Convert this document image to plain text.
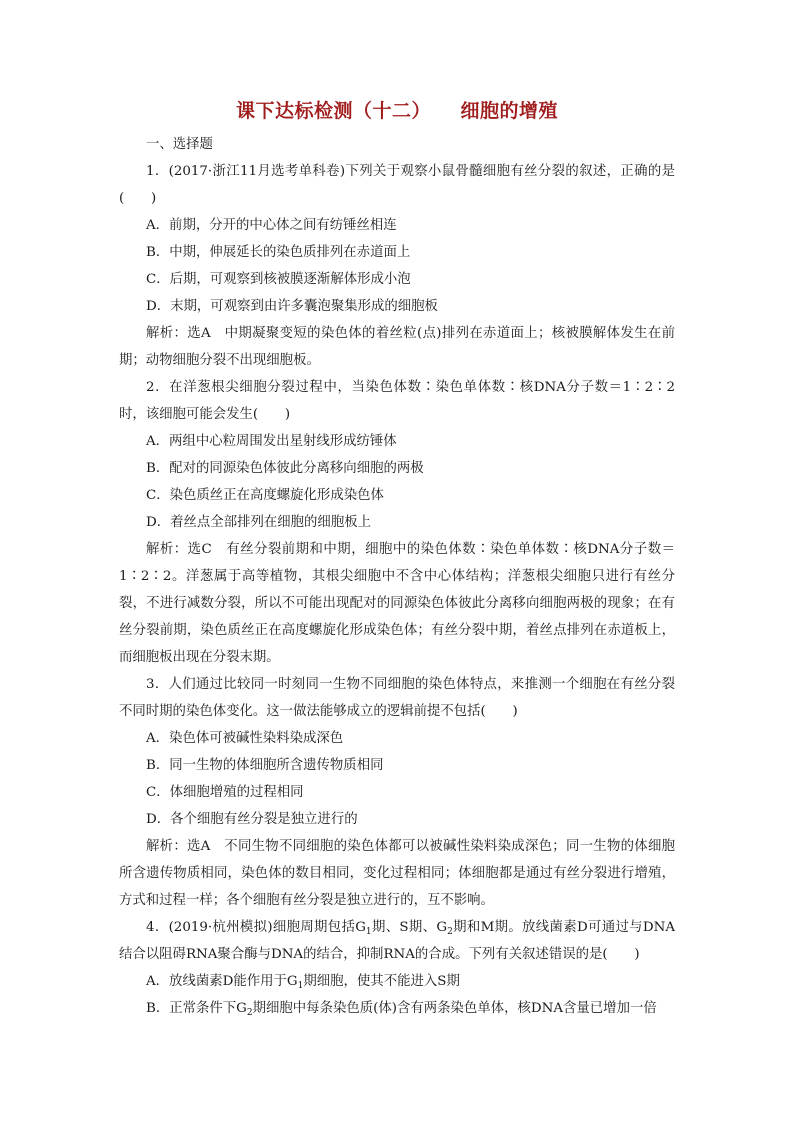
课下达标检测（十二）　　细胞的增殖

一、选择题

1．(2017·浙江11月选考单科卷)下列关于观察小鼠骨髓细胞有丝分裂的叙述，正确的是(　　)

A．前期，分开的中心体之间有纺锤丝相连

B．中期，伸展延长的染色质排列在赤道面上

C．后期，可观察到核被膜逐渐解体形成小泡

D．末期，可观察到由许多囊泡聚集形成的细胞板

解析：选A　中期凝聚变短的染色体的着丝粒(点)排列在赤道面上；核被膜解体发生在前期；动物细胞分裂不出现细胞板。

2．在洋葱根尖细胞分裂过程中，当染色体数∶染色单体数∶核DNA分子数＝1∶2∶2时，该细胞可能会发生(　　)

A．两组中心粒周围发出星射线形成纺锤体

B．配对的同源染色体彼此分离移向细胞的两极

C．染色质丝正在高度螺旋化形成染色体

D．着丝点全部排列在细胞的细胞板上

解析：选C　有丝分裂前期和中期，细胞中的染色体数∶染色单体数∶核DNA分子数＝1∶2∶2。洋葱属于高等植物，其根尖细胞中不含中心体结构；洋葱根尖细胞只进行有丝分裂，不进行减数分裂，所以不可能出现配对的同源染色体彼此分离移向细胞两极的现象；在有丝分裂前期，染色质丝正在高度螺旋化形成染色体；有丝分裂中期，着丝点排列在赤道板上，而细胞板出现在分裂末期。

3．人们通过比较同一时刻同一生物不同细胞的染色体特点，来推测一个细胞在有丝分裂不同时期的染色体变化。这一做法能够成立的逻辑前提不包括(　　)

A．染色体可被碱性染料染成深色

B．同一生物的体细胞所含遗传物质相同

C．体细胞增殖的过程相同

D．各个细胞有丝分裂是独立进行的

解析：选A　不同生物不同细胞的染色体都可以被碱性染料染成深色；同一生物的体细胞所含遗传物质相同，染色体的数目相同，变化过程相同；体细胞都是通过有丝分裂进行增殖，方式和过程一样；各个细胞有丝分裂是独立进行的，互不影响。

4．(2019·杭州模拟)细胞周期包括$G_1$期、S期、$G_2$期和M期。放线菌素D可通过与DNA结合以阻碍RNA聚合酶与DNA的结合，抑制RNA的合成。下列有关叙述错误的是(　　)

A．放线菌素D能作用于$G_1$期细胞，使其不能进入S期

B．正常条件下$G_2$期细胞中每条染色质(体)含有两条染色单体，核DNA含量已增加一倍
